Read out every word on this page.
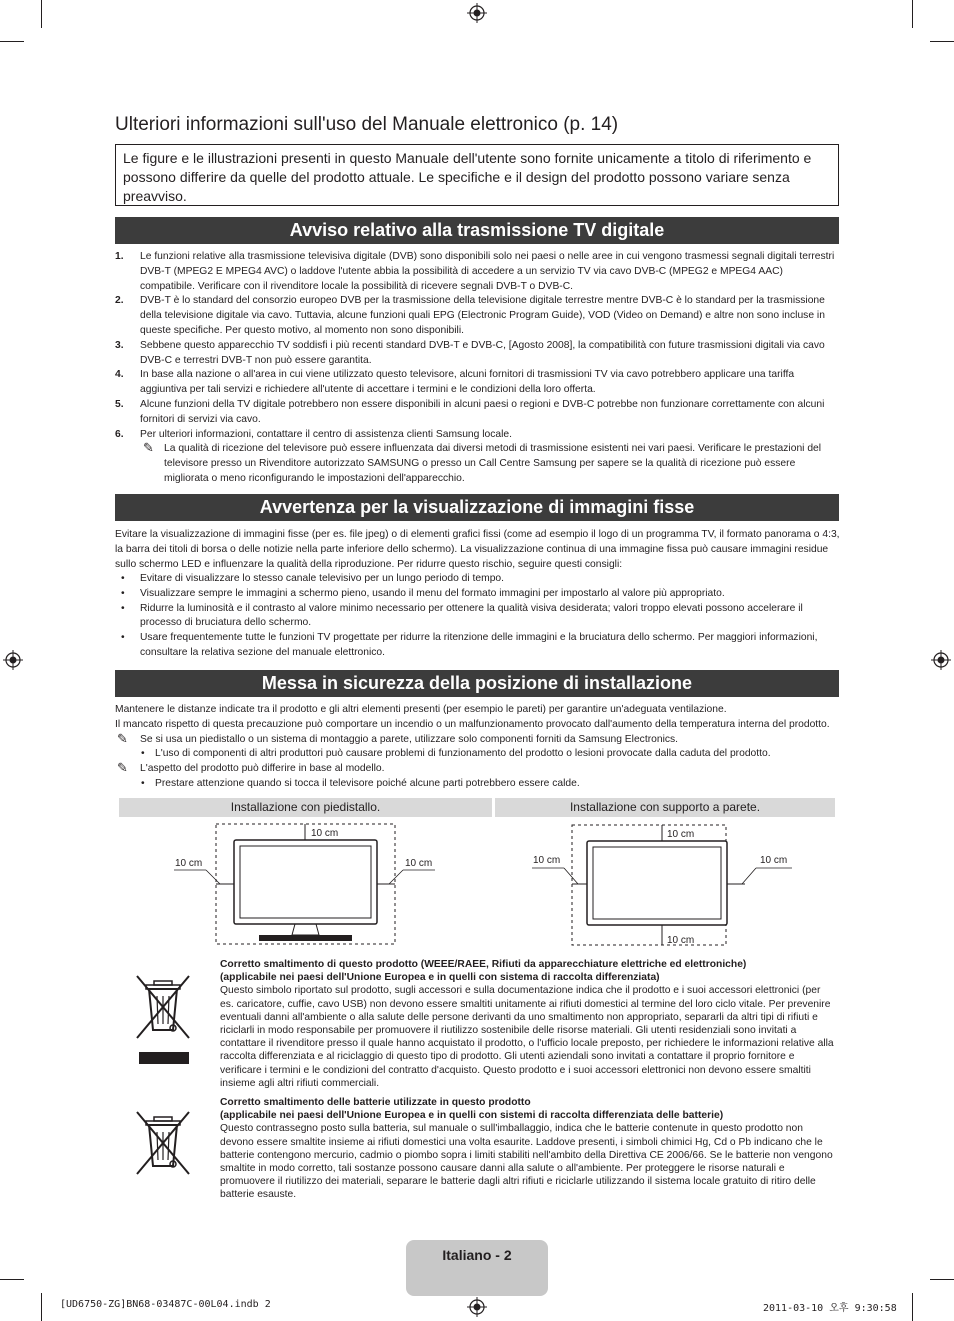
Ulteriori informazioni sull'uso del Manuale elettronico (p. 14)
Le figure e le illustrazioni presenti in questo Manuale dell'utente sono fornite unicamente a titolo di riferimento e possono differire da quelle del prodotto attuale. Le specifiche e il design del prodotto possono variare senza preavviso.
Avviso relativo alla trasmissione TV digitale
1. Le funzioni relative alla trasmissione televisiva digitale (DVB) sono disponibili solo nei paesi o nelle aree in cui vengono trasmessi segnali digitali terrestri DVB-T (MPEG2 E MPEG4 AVC) o laddove l'utente abbia la possibilità di accedere a un servizio TV via cavo DVB-C (MPEG2 e MPEG4 AAC) compatibile. Verificare con il rivenditore locale la possibilità di ricevere segnali DVB-T o DVB-C.
2. DVB-T è lo standard del consorzio europeo DVB per la trasmissione della televisione digitale terrestre mentre DVB-C è lo standard per la trasmissione della televisione digitale via cavo. Tuttavia, alcune funzioni quali EPG (Electronic Program Guide), VOD (Video on Demand) e altre non sono incluse in queste specifiche. Per questo motivo, al momento non sono disponibili.
3. Sebbene questo apparecchio TV soddisfi i più recenti standard DVB-T e DVB-C, [Agosto 2008], la compatibilità con future trasmissioni digitali via cavo DVB-C e terrestri DVB-T non può essere garantita.
4. In base alla nazione o all'area in cui viene utilizzato questo televisore, alcuni fornitori di trasmissioni TV via cavo potrebbero applicare una tariffa aggiuntiva per tali servizi e richiedere all'utente di accettare i termini e le condizioni della loro offerta.
5. Alcune funzioni della TV digitale potrebbero non essere disponibili in alcuni paesi o regioni e DVB-C potrebbe non funzionare correttamente con alcuni fornitori di servizi via cavo.
6. Per ulteriori informazioni, contattare il centro di assistenza clienti Samsung locale.
✎ La qualità di ricezione del televisore può essere influenzata dai diversi metodi di trasmissione esistenti nei vari paesi. Verificare le prestazioni del televisore presso un Rivenditore autorizzato SAMSUNG o presso un Call Centre Samsung per sapere se la qualità di ricezione può essere migliorata o meno riconfigurando le impostazioni dell'apparecchio.
Avvertenza per la visualizzazione di immagini fisse
Evitare la visualizzazione di immagini fisse (per es. file jpeg) o di elementi grafici fissi (come ad esempio il logo di un programma TV, il formato panorama o 4:3, la barra dei titoli di borsa o delle notizie nella parte inferiore dello schermo). La visualizzazione continua di una immagine fissa può causare immagini residue sullo schermo LED e influenzare la qualità della riproduzione. Per ridurre questo rischio, seguire questi consigli:
• Evitare di visualizzare lo stesso canale televisivo per un lungo periodo di tempo.
• Visualizzare sempre le immagini a schermo pieno, usando il menu del formato immagini per impostarlo al valore più appropriato.
• Ridurre la luminosità e il contrasto al valore minimo necessario per ottenere la qualità visiva desiderata; valori troppo elevati possono accelerare il processo di bruciatura dello schermo.
• Usare frequentemente tutte le funzioni TV progettate per ridurre la ritenzione delle immagini e la bruciatura dello schermo. Per maggiori informazioni, consultare la relativa sezione del manuale elettronico.
Messa in sicurezza della posizione di installazione
Mantenere le distanze indicate tra il prodotto e gli altri elementi presenti (per esempio le pareti) per garantire un'adeguata ventilazione.
Il mancato rispetto di questa precauzione può comportare un incendio o un malfunzionamento provocato dall'aumento della temperatura interna del prodotto.
✎ Se si usa un piedistallo o un sistema di montaggio a parete, utilizzare solo componenti forniti da Samsung Electronics.
• L'uso di componenti di altri produttori può causare problemi di funzionamento del prodotto o lesioni provocate dalla caduta del prodotto.
✎ L'aspetto del prodotto può differire in base al modello.
• Prestare attenzione quando si tocca il televisore poiché alcune parti potrebbero essere calde.
Installazione con piedistallo.	Installazione con supporto a parete.
10 cm
10 cm	10 cm
10 cm
10 cm
10 cm	10 cm
Corretto smaltimento di questo prodotto (WEEE/RAEE, Rifiuti da apparecchiature elettriche ed elettroniche)
(applicabile nei paesi dell'Unione Europea e in quelli con sistema di raccolta differenziata)
Questo simbolo riportato sul prodotto, sugli accessori e sulla documentazione indica che il prodotto e i suoi accessori elettronici (per es. caricatore, cuffie, cavo USB) non devono essere smaltiti unitamente ai rifiuti domestici al termine del loro ciclo vitale. Per prevenire eventuali danni all'ambiente o alla salute delle persone derivanti da uno smaltimento non appropriato, separarli da altri tipi di rifiuti e riciclarli in modo responsabile per promuovere il riutilizzo sostenibile delle risorse materiali. Gli utenti residenziali sono invitati a contattare il rivenditore presso il quale hanno acquistato il prodotto, o l'ufficio locale preposto, per richiedere le informazioni relative alla raccolta differenziata e al riciclaggio di questo tipo di prodotto. Gli utenti aziendali sono invitati a contattare il proprio fornitore e verificare i termini e le condizioni del contratto d'acquisto. Questo prodotto e i suoi accessori elettronici non devono essere smaltiti insieme agli altri rifiuti commerciali.
Corretto smaltimento delle batterie utilizzate in questo prodotto
(applicabile nei paesi dell'Unione Europea e in quelli con sistemi di raccolta differenziata delle batterie)
Questo contrassegno posto sulla batteria, sul manuale o sull'imballaggio, indica che le batterie contenute in questo prodotto non devono essere smaltite insieme ai rifiuti domestici una volta esaurite. Laddove presenti, i simboli chimici Hg, Cd o Pb indicano che le batterie contengono mercurio, cadmio o piombo sopra i limiti stabiliti nell'ambito della Direttiva CE 2006/66. Se le batterie non vengono smaltite in modo corretto, tali sostanze possono causare danni alla salute o all'ambiente. Per proteggere le risorse naturali e promuovere il riutilizzo dei materiali, separare le batterie dagli altri rifiuti e riciclarle utilizzando il sistema locale gratuito di ritiro delle batterie esauste.
Italiano - 2
[UD6750-ZG]BN68-03487C-00L04.indb 2	2011-03-10 오후 9:30:58
